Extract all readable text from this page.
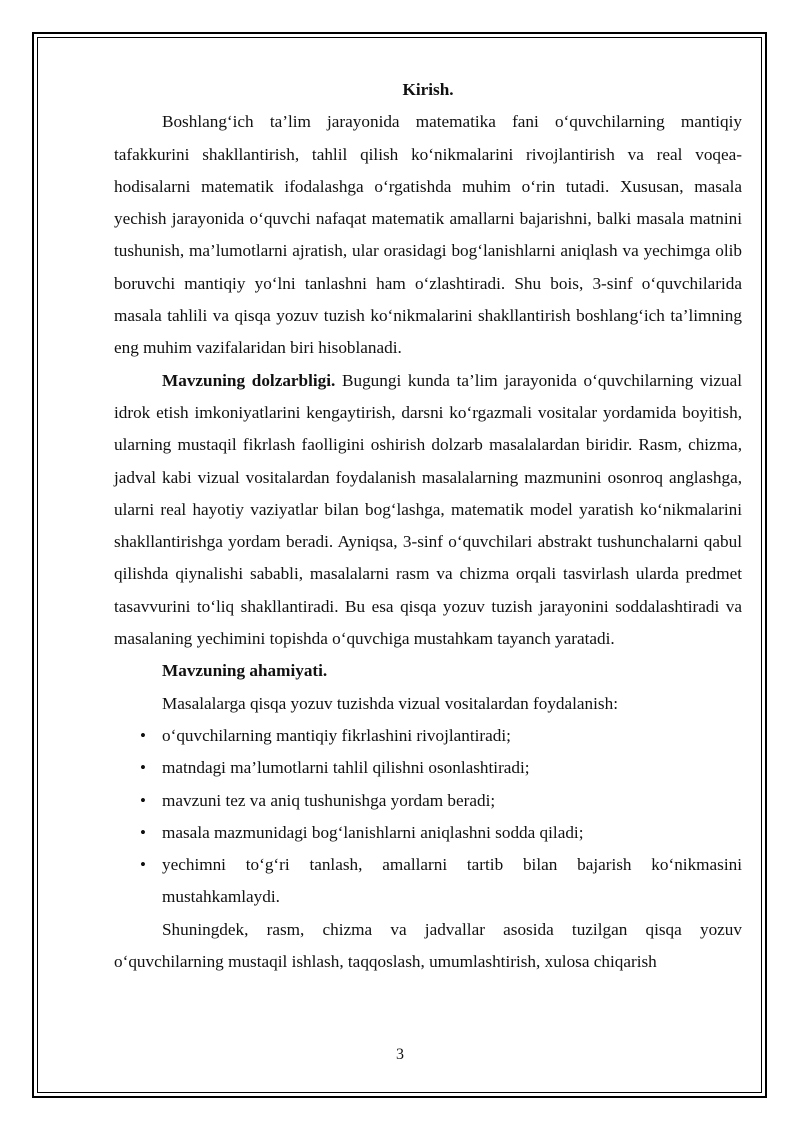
Kirish.

Boshlang‘ich ta’lim jarayonida matematika fani o‘quvchilarning mantiqiy tafakkurini shakllantirish, tahlil qilish ko‘nikmalarini rivojlantirish va real voqea-hodisalarni matematik ifodalashga o‘rgatishda muhim o‘rin tutadi. Xususan, masala yechish jarayonida o‘quvchi nafaqat matematik amallarni bajarishni, balki masala matnini tushunish, ma’lumotlarni ajratish, ular orasidagi bog‘lanishlarni aniqlash va yechimga olib boruvchi mantiqiy yo‘lni tanlashni ham o‘zlashtiradi. Shu bois, 3-sinf o‘quvchilarida masala tahlili va qisqa yozuv tuzish ko‘nikmalarini shakllantirish boshlang‘ich ta’limning eng muhim vazifalaridan biri hisoblanadi.

Mavzuning dolzarbligi. Bugungi kunda ta’lim jarayonida o‘quvchilarning vizual idrok etish imkoniyatlarini kengaytirish, darsni ko‘rgazmali vositalar yordamida boyitish, ularning mustaqil fikrlash faolligini oshirish dolzarb masalalardan biridir. Rasm, chizma, jadval kabi vizual vositalardan foydalanish masalalarning mazmunini osonroq anglashga, ularni real hayotiy vaziyatlar bilan bog‘lashga, matematik model yaratish ko‘nikmalarini shakllantirishga yordam beradi. Ayniqsa, 3-sinf o‘quvchilari abstrakt tushunchalarni qabul qilishda qiynalishi sababli, masalalarni rasm va chizma orqali tasvirlash ularda predmet tasavvurini to‘liq shakllantiradi. Bu esa qisqa yozuv tuzish jarayonini soddalashtiradi va masalaning yechimini topishda o‘quvchiga mustahkam tayanch yaratadi.

Mavzuning ahamiyati.

Masalalarga qisqa yozuv tuzishda vizual vositalardan foydalanish:

• o‘quvchilarning mantiqiy fikrlashini rivojlantiradi;
• matndagi ma’lumotlarni tahlil qilishni osonlashtiradi;
• mavzuni tez va aniq tushunishga yordam beradi;
• masala mazmunidagi bog‘lanishlarni aniqlashni sodda qiladi;
• yechimni to‘g‘ri tanlash, amallarni tartib bilan bajarish ko‘nikmasini mustahkamlaydi.

Shuningdek, rasm, chizma va jadvallar asosida tuzilgan qisqa yozuv o‘quvchilarning mustaqil ishlash, taqqoslash, umumlashtirish, xulosa chiqarish

3
